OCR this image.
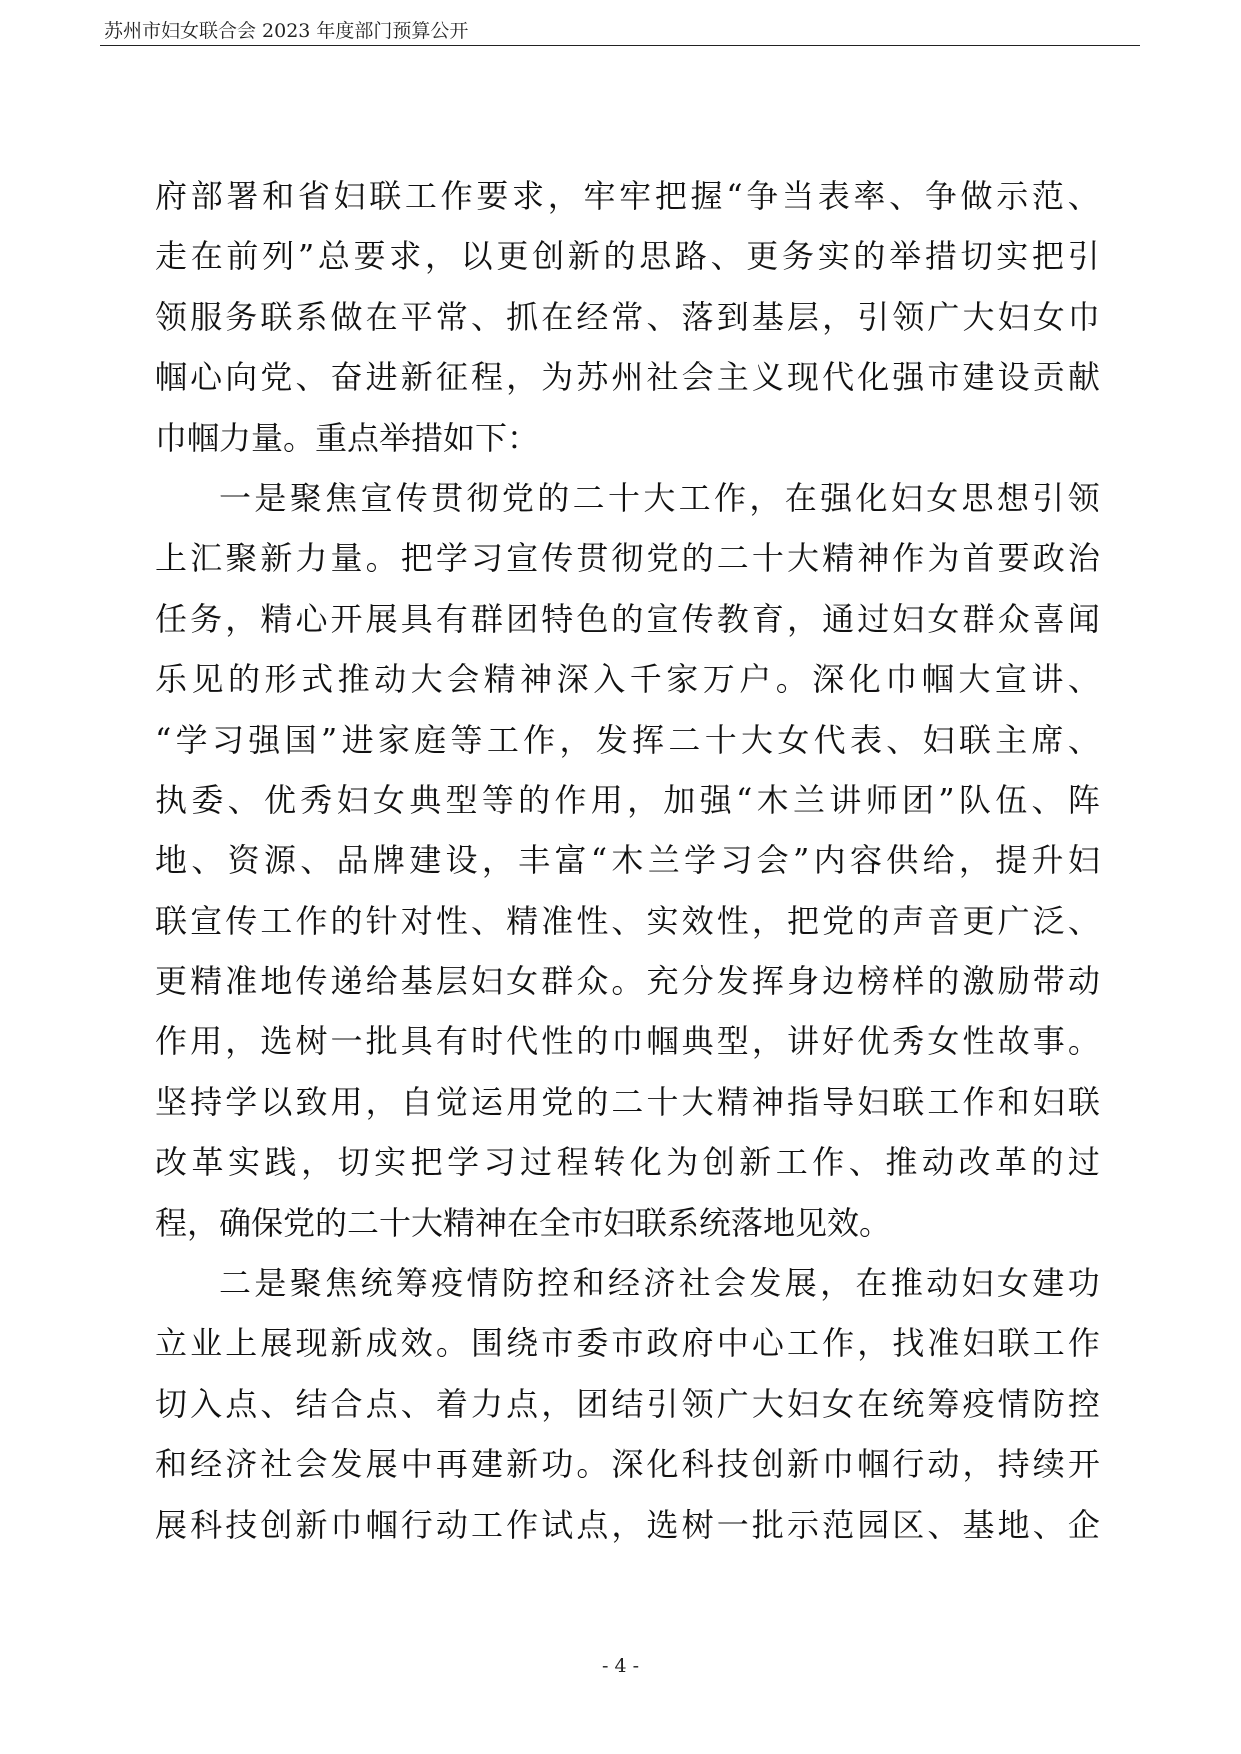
苏州市妇女联合会 2023 年度部门预算公开
府 部 署 和 省 妇 联 工 作 要 求 ， 牢 牢 把 握 “ 争 当 表 率 、 争 做 示 范 、
走 在 前 列 ” 总 要 求 ， 以 更 创 新 的 思 路 、 更 务 实 的 举 措 切 实 把 引
领 服 务 联 系 做 在 平 常 、 抓 在 经 常 、 落 到 基 层 ， 引 领 广 大 妇 女 巾
帼 心 向 党 、 奋 进 新 征 程 ， 为 苏 州 社 会 主 义 现 代 化 强 市 建 设 贡 献
巾帼力量。重点举措如下：
一 是 聚 焦 宣 传 贯 彻 党 的 二 十 大 工 作 ， 在 强 化 妇 女 思 想 引 领
上 汇 聚 新 力 量 。 把 学 习 宣 传 贯 彻 党 的 二 十 大 精 神 作 为 首 要 政 治
任 务 ， 精 心 开 展 具 有 群 团 特 色 的 宣 传 教 育 ， 通 过 妇 女 群 众 喜 闻
乐 见 的 形 式 推 动 大 会 精 神 深 入 千 家 万 户 。 深 化 巾 帼 大 宣 讲 、
“ 学 习 强 国 ” 进 家 庭 等 工 作 ， 发 挥 二 十 大 女 代 表 、 妇 联 主 席 、
执 委 、 优 秀 妇 女 典 型 等 的 作 用 ， 加 强 “ 木 兰 讲 师 团 ” 队 伍 、 阵
地 、 资 源 、 品 牌 建 设 ， 丰 富 “ 木 兰 学 习 会 ” 内 容 供 给 ， 提 升 妇
联 宣 传 工 作 的 针 对 性 、 精 准 性 、 实 效 性 ， 把 党 的 声 音 更 广 泛 、
更 精 准 地 传 递 给 基 层 妇 女 群 众 。 充 分 发 挥 身 边 榜 样 的 激 励 带 动
作 用 ， 选 树 一 批 具 有 时 代 性 的 巾 帼 典 型 ， 讲 好 优 秀 女 性 故 事 。
坚 持 学 以 致 用 ， 自 觉 运 用 党 的 二 十 大 精 神 指 导 妇 联 工 作 和 妇 联
改 革 实 践 ， 切 实 把 学 习 过 程 转 化 为 创 新 工 作 、 推 动 改 革 的 过
程，确保党的二十大精神在全市妇联系统落地见效。
二 是 聚 焦 统 筹 疫 情 防 控 和 经 济 社 会 发 展 ， 在 推 动 妇 女 建 功
立 业 上 展 现 新 成 效 。 围 绕 市 委 市 政 府 中 心 工 作 ， 找 准 妇 联 工 作
切 入 点 、 结 合 点 、 着 力 点 ， 团 结 引 领 广 大 妇 女 在 统 筹 疫 情 防 控
和 经 济 社 会 发 展 中 再 建 新 功 。 深 化 科 技 创 新 巾 帼 行 动 ， 持 续 开
展 科 技 创 新 巾 帼 行 动 工 作 试 点 ， 选 树 一 批 示 范 园 区 、 基 地 、 企
- 4 -
